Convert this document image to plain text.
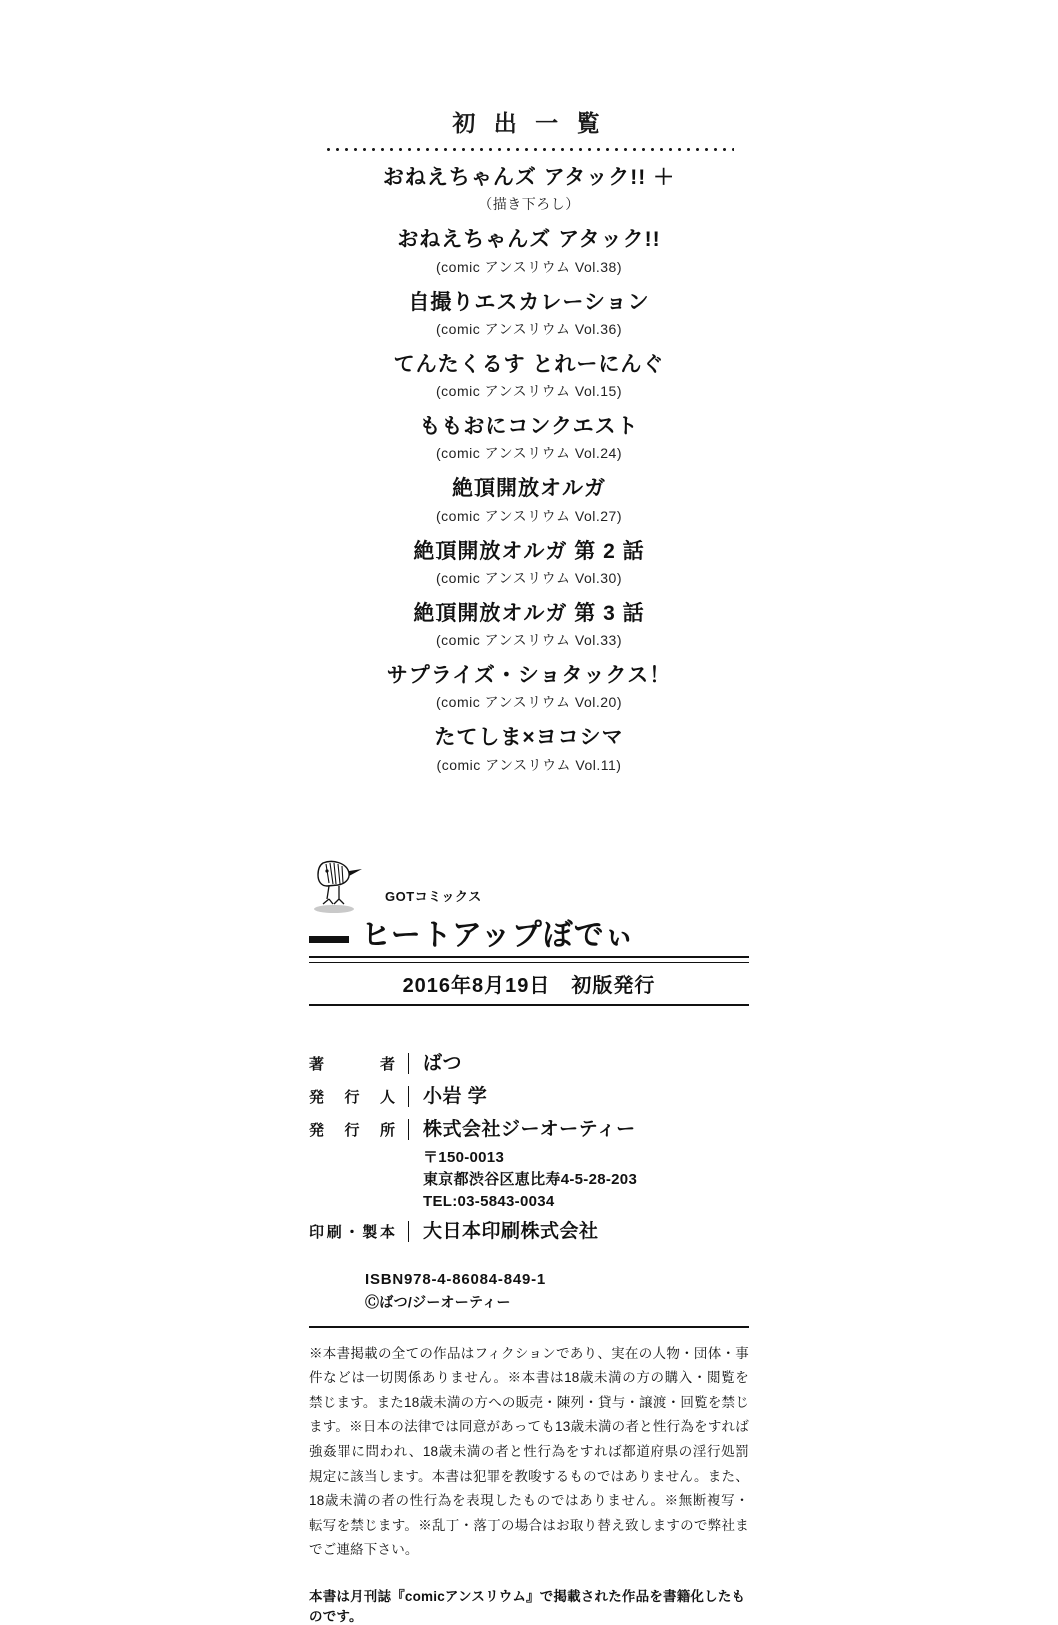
初 出 一 覧
おねえちゃんズ アタック!! ＋
（描き下ろし）
おねえちゃんズ アタック!!
(comic アンスリウム Vol.38)
自撮りエスカレーション
(comic アンスリウム Vol.36)
てんたくるす とれーにんぐ
(comic アンスリウム Vol.15)
ももおにコンクエスト
(comic アンスリウム Vol.24)
絶頂開放オルガ
(comic アンスリウム Vol.27)
絶頂開放オルガ 第 2 話
(comic アンスリウム Vol.30)
絶頂開放オルガ 第 3 話
(comic アンスリウム Vol.33)
サプライズ・ショタックス！
(comic アンスリウム Vol.20)
たてしま×ヨコシマ
(comic アンスリウム Vol.11)
GOTコミックス
ヒートアップぼでぃ
2016年8月19日　初版発行
著者	ばつ
発行人	小岩 学
発行所	株式会社ジーオーティー
〒150-0013
東京都渋谷区恵比寿4-5-28-203
TEL:03-5843-0034
印刷・製本	大日本印刷株式会社
ISBN978-4-86084-849-1
Ⓒばつ/ジーオーティー
※本書掲載の全ての作品はフィクションであり、実在の人物・団体・事件などは一切関係ありません。※本書は18歳未満の方の購入・閲覧を禁じます。また18歳未満の方への販売・陳列・貸与・譲渡・回覧を禁じます。※日本の法律では同意があっても13歳未満の者と性行為をすれば強姦罪に問われ、18歳未満の者と性行為をすれば都道府県の淫行処罰規定に該当します。本書は犯罪を教唆するものではありません。また、18歳未満の者の性行為を表現したものではありません。※無断複写・転写を禁じます。※乱丁・落丁の場合はお取り替え致しますので弊社までご連絡下さい。
本書は月刊誌『comicアンスリウム』で掲載された作品を書籍化したものです。
